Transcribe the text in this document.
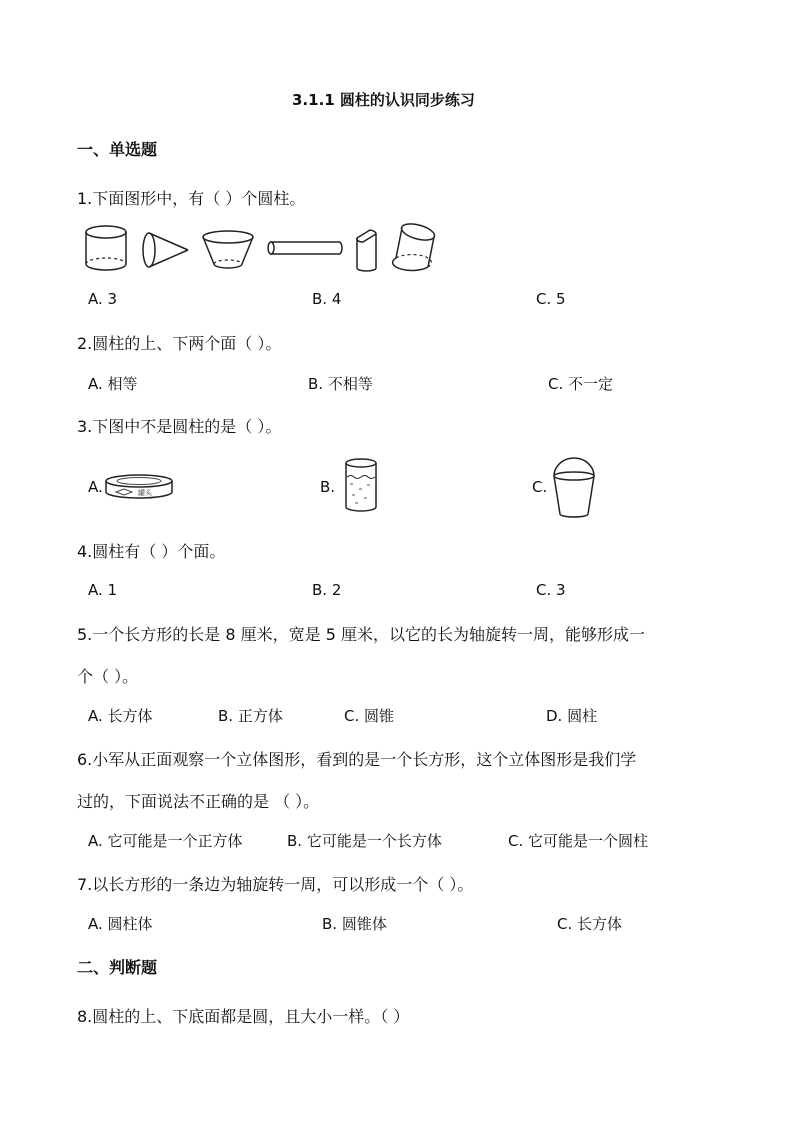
3.1.1 圆柱的认识同步练习
一、单选题
1.下面图形中，有（ ）个圆柱。
A. 3	B. 4	C. 5
2.圆柱的上、下两个面（ ）。
A. 相等	B. 不相等	C. 不一定
3.下图中不是圆柱的是（ ）。
A.	罐头	B.	C.
4.圆柱有（ ）个面。
A. 1	B. 2	C. 3
5.一个长方形的长是 8 厘米，宽是 5 厘米，以它的长为轴旋转一周，能够形成一
个（ ）。
A. 长方体	B. 正方体	C. 圆锥	D. 圆柱
6.小军从正面观察一个立体图形，看到的是一个长方形，这个立体图形是我们学
过的，下面说法不正确的是 （ ）。
A. 它可能是一个正方体	B. 它可能是一个长方体	C. 它可能是一个圆柱
7.以长方形的一条边为轴旋转一周，可以形成一个（ ）。
A. 圆柱体	B. 圆锥体	C. 长方体
二、判断题
8.圆柱的上、下底面都是圆，且大小一样。（ ）
